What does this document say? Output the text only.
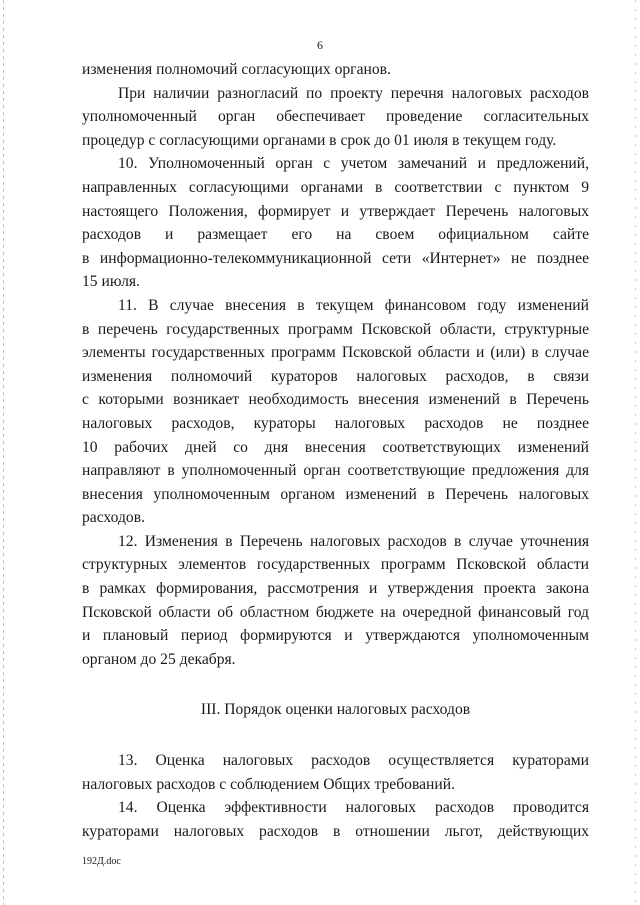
6
изменения полномочий согласующих органов.
При наличии разногласий по проекту перечня налоговых расходов
уполномоченный орган обеспечивает проведение согласительных
процедур с согласующими органами в срок до 01 июля в текущем году.
10. Уполномоченный орган с учетом замечаний и предложений,
направленных согласующими органами в соответствии с пунктом 9
настоящего Положения, формирует и утверждает Перечень налоговых
расходов и размещает его на своем официальном сайте
в информационно-телекоммуникационной сети «Интернет» не позднее
15 июля.
11. В случае внесения в текущем финансовом году изменений
в перечень государственных программ Псковской области, структурные
элементы государственных программ Псковской области и (или) в случае
изменения полномочий кураторов налоговых расходов, в связи
с которыми возникает необходимость внесения изменений в Перечень
налоговых расходов, кураторы налоговых расходов не позднее
10 рабочих дней со дня внесения соответствующих изменений
направляют в уполномоченный орган соответствующие предложения для
внесения уполномоченным органом изменений в Перечень налоговых
расходов.
12. Изменения в Перечень налоговых расходов в случае уточнения
структурных элементов государственных программ Псковской области
в рамках формирования, рассмотрения и утверждения проекта закона
Псковской области об областном бюджете на очередной финансовый год
и плановый период формируются и утверждаются уполномоченным
органом до 25 декабря.
III. Порядок оценки налоговых расходов
13. Оценка налоговых расходов осуществляется кураторами
налоговых расходов с соблюдением Общих требований.
14. Оценка эффективности налоговых расходов проводится
кураторами налоговых расходов в отношении льгот, действующих
192Д.doc
